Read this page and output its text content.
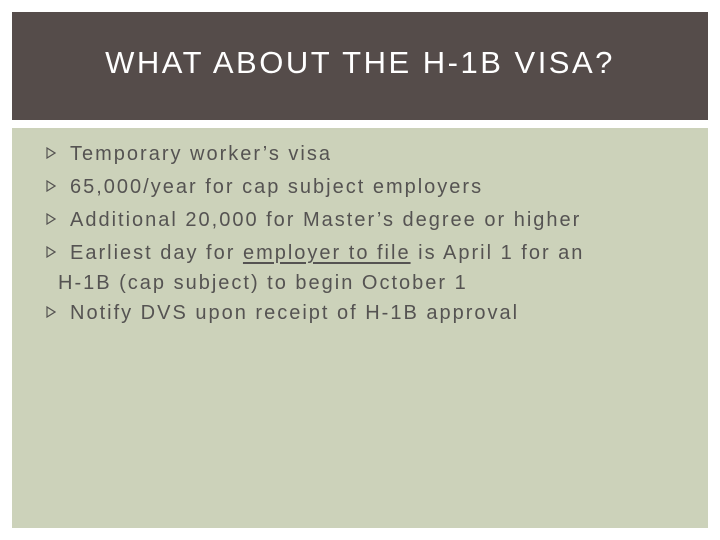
WHAT ABOUT THE H-1B VISA?
Temporary worker’s visa
65,000/year for cap subject employers
Additional 20,000 for Master’s degree or higher
Earliest day for employer to file is April 1 for an
H-1B (cap subject) to begin October 1
Notify DVS upon receipt of H-1B approval
